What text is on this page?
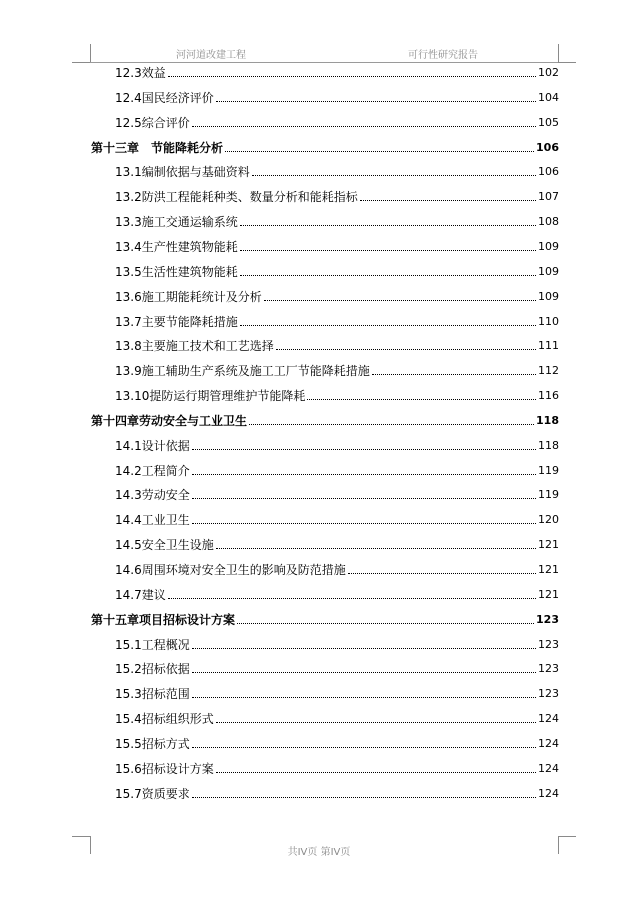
河河道改建工程	可行性研究报告
12.3效益	102
12.4国民经济评价	104
12.5综合评价	105
第十三章　节能降耗分析	106
13.1编制依据与基础资料	106
13.2防洪工程能耗种类、数量分析和能耗指标	107
13.3施工交通运输系统	108
13.4生产性建筑物能耗	109
13.5生活性建筑物能耗	109
13.6施工期能耗统计及分析	109
13.7主要节能降耗措施	110
13.8主要施工技术和工艺选择	111
13.9施工辅助生产系统及施工工厂节能降耗措施	112
13.10提防运行期管理维护节能降耗	116
第十四章劳动安全与工业卫生	118
14.1设计依据	118
14.2工程简介	119
14.3劳动安全	119
14.4工业卫生	120
14.5安全卫生设施	121
14.6周围环境对安全卫生的影响及防范措施	121
14.7建议	121
第十五章项目招标设计方案	123
15.1工程概况	123
15.2招标依据	123
15.3招标范围	123
15.4招标组织形式	124
15.5招标方式	124
15.6招标设计方案	124
15.7资质要求	124
共IV页 第IV页
